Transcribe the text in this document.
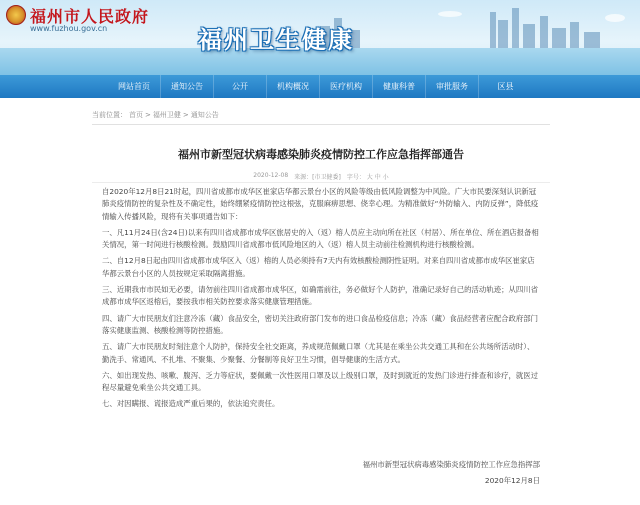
福州市人民政府
www.fuzhou.gov.cn	福州卫生健康
网站首页	通知公告	公开	机构概况	医疗机构	健康科普	审批服务	区县
当前位置： 首页 > 福州卫健 > 通知公告
福州市新型冠状病毒感染肺炎疫情防控工作应急指挥部通告
2020-12-08 来源：[市卫健委] 字号： 大 中 小

自2020年12月8日21时起，四川省成都市成华区崔家店华都云景台小区的风险等级由低风险调整为中风险。广大市民要深刻认识新冠肺炎疫情防控的复杂性及不确定性，始终绷紧疫情防控这根弦，克服麻痹思想、侥幸心理。为精准做好“外防输入、内防反弹”，降低疫情输入传播风险，现将有关事项通告如下：

一、凡11月24日(含24日)以来有四川省成都市成华区旅居史的入（返）榕人员应主动向所在社区（村居）、所在单位、所在酒店报备相关情况，第一时间进行核酸检测。鼓励四川省成都市低风险地区的入（返）榕人员主动前往检测机构进行核酸检测。

二、自12月8日起由四川省成都市成华区入（返）榕的人员必须持有7天内有效核酸检测阴性证明。对来自四川省成都市成华区崔家店华都云景台小区的人员按规定采取隔离措施。

三、近期我市市民如无必要，请勿前往四川省成都市成华区，如确需前往，务必做好个人防护，准确记录好自己的活动轨迹；从四川省成都市成华区返榕后，要按我市相关防控要求落实健康管理措施。

四、请广大市民朋友们注意冷冻（藏）食品安全，密切关注政府部门发布的进口食品检疫信息；冷冻（藏）食品经营者应配合政府部门落实健康监测、核酸检测等防控措施。

五、请广大市民朋友时刻注意个人防护，保持安全社交距离，养成规范佩戴口罩（尤其是在乘坐公共交通工具和在公共场所活动时）、勤洗手、常通风、不扎堆、不聚集、少聚餐、分餐制等良好卫生习惯，倡导健康的生活方式。

六、如出现发热、咳嗽、腹泻、乏力等症状，要佩戴一次性医用口罩及以上级别口罩，及时到就近的发热门诊进行排查和诊疗，就医过程尽量避免乘坐公共交通工具。

七、对因瞒报、谎报造成严重后果的，依法追究责任。

福州市新型冠状病毒感染肺炎疫情防控工作应急指挥部
2020年12月8日
